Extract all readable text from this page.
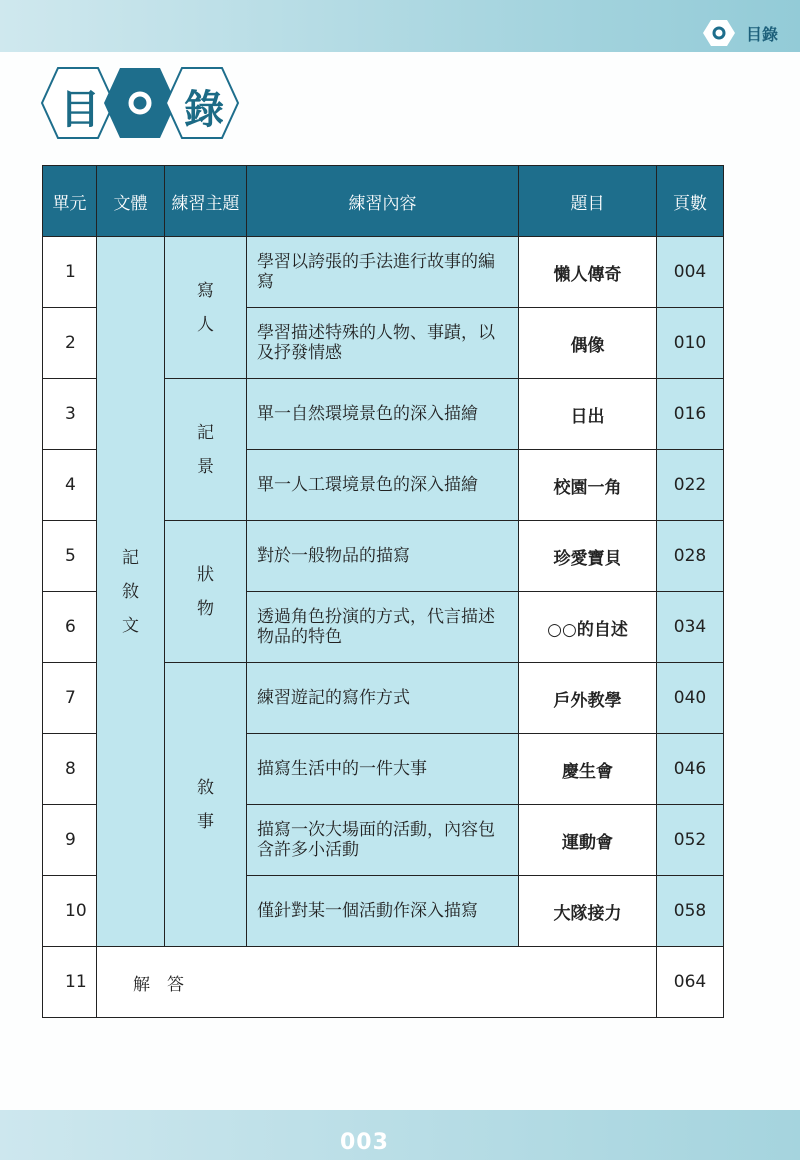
目錄
目 錄
單元	文體	練習主題	練習內容	題目	頁數
1	記敘文	寫人	學習以誇張的手法進行故事的編寫	懶人傳奇	004
2			學習描述特殊的人物、事蹟，以及抒發情感	偶像	010
3		記景	單一自然環境景色的深入描繪	日出	016
4			單一人工環境景色的深入描繪	校園一角	022
5		狀物	對於一般物品的描寫	珍愛寶貝	028
6			透過角色扮演的方式，代言描述物品的特色	○○的自述	034
7		敘事	練習遊記的寫作方式	戶外教學	040
8			描寫生活中的一件大事	慶生會	046
9			描寫一次大場面的活動，內容包含許多小活動	運動會	052
10			僅針對某一個活動作深入描寫	大隊接力	058
11	解　答				064
003
